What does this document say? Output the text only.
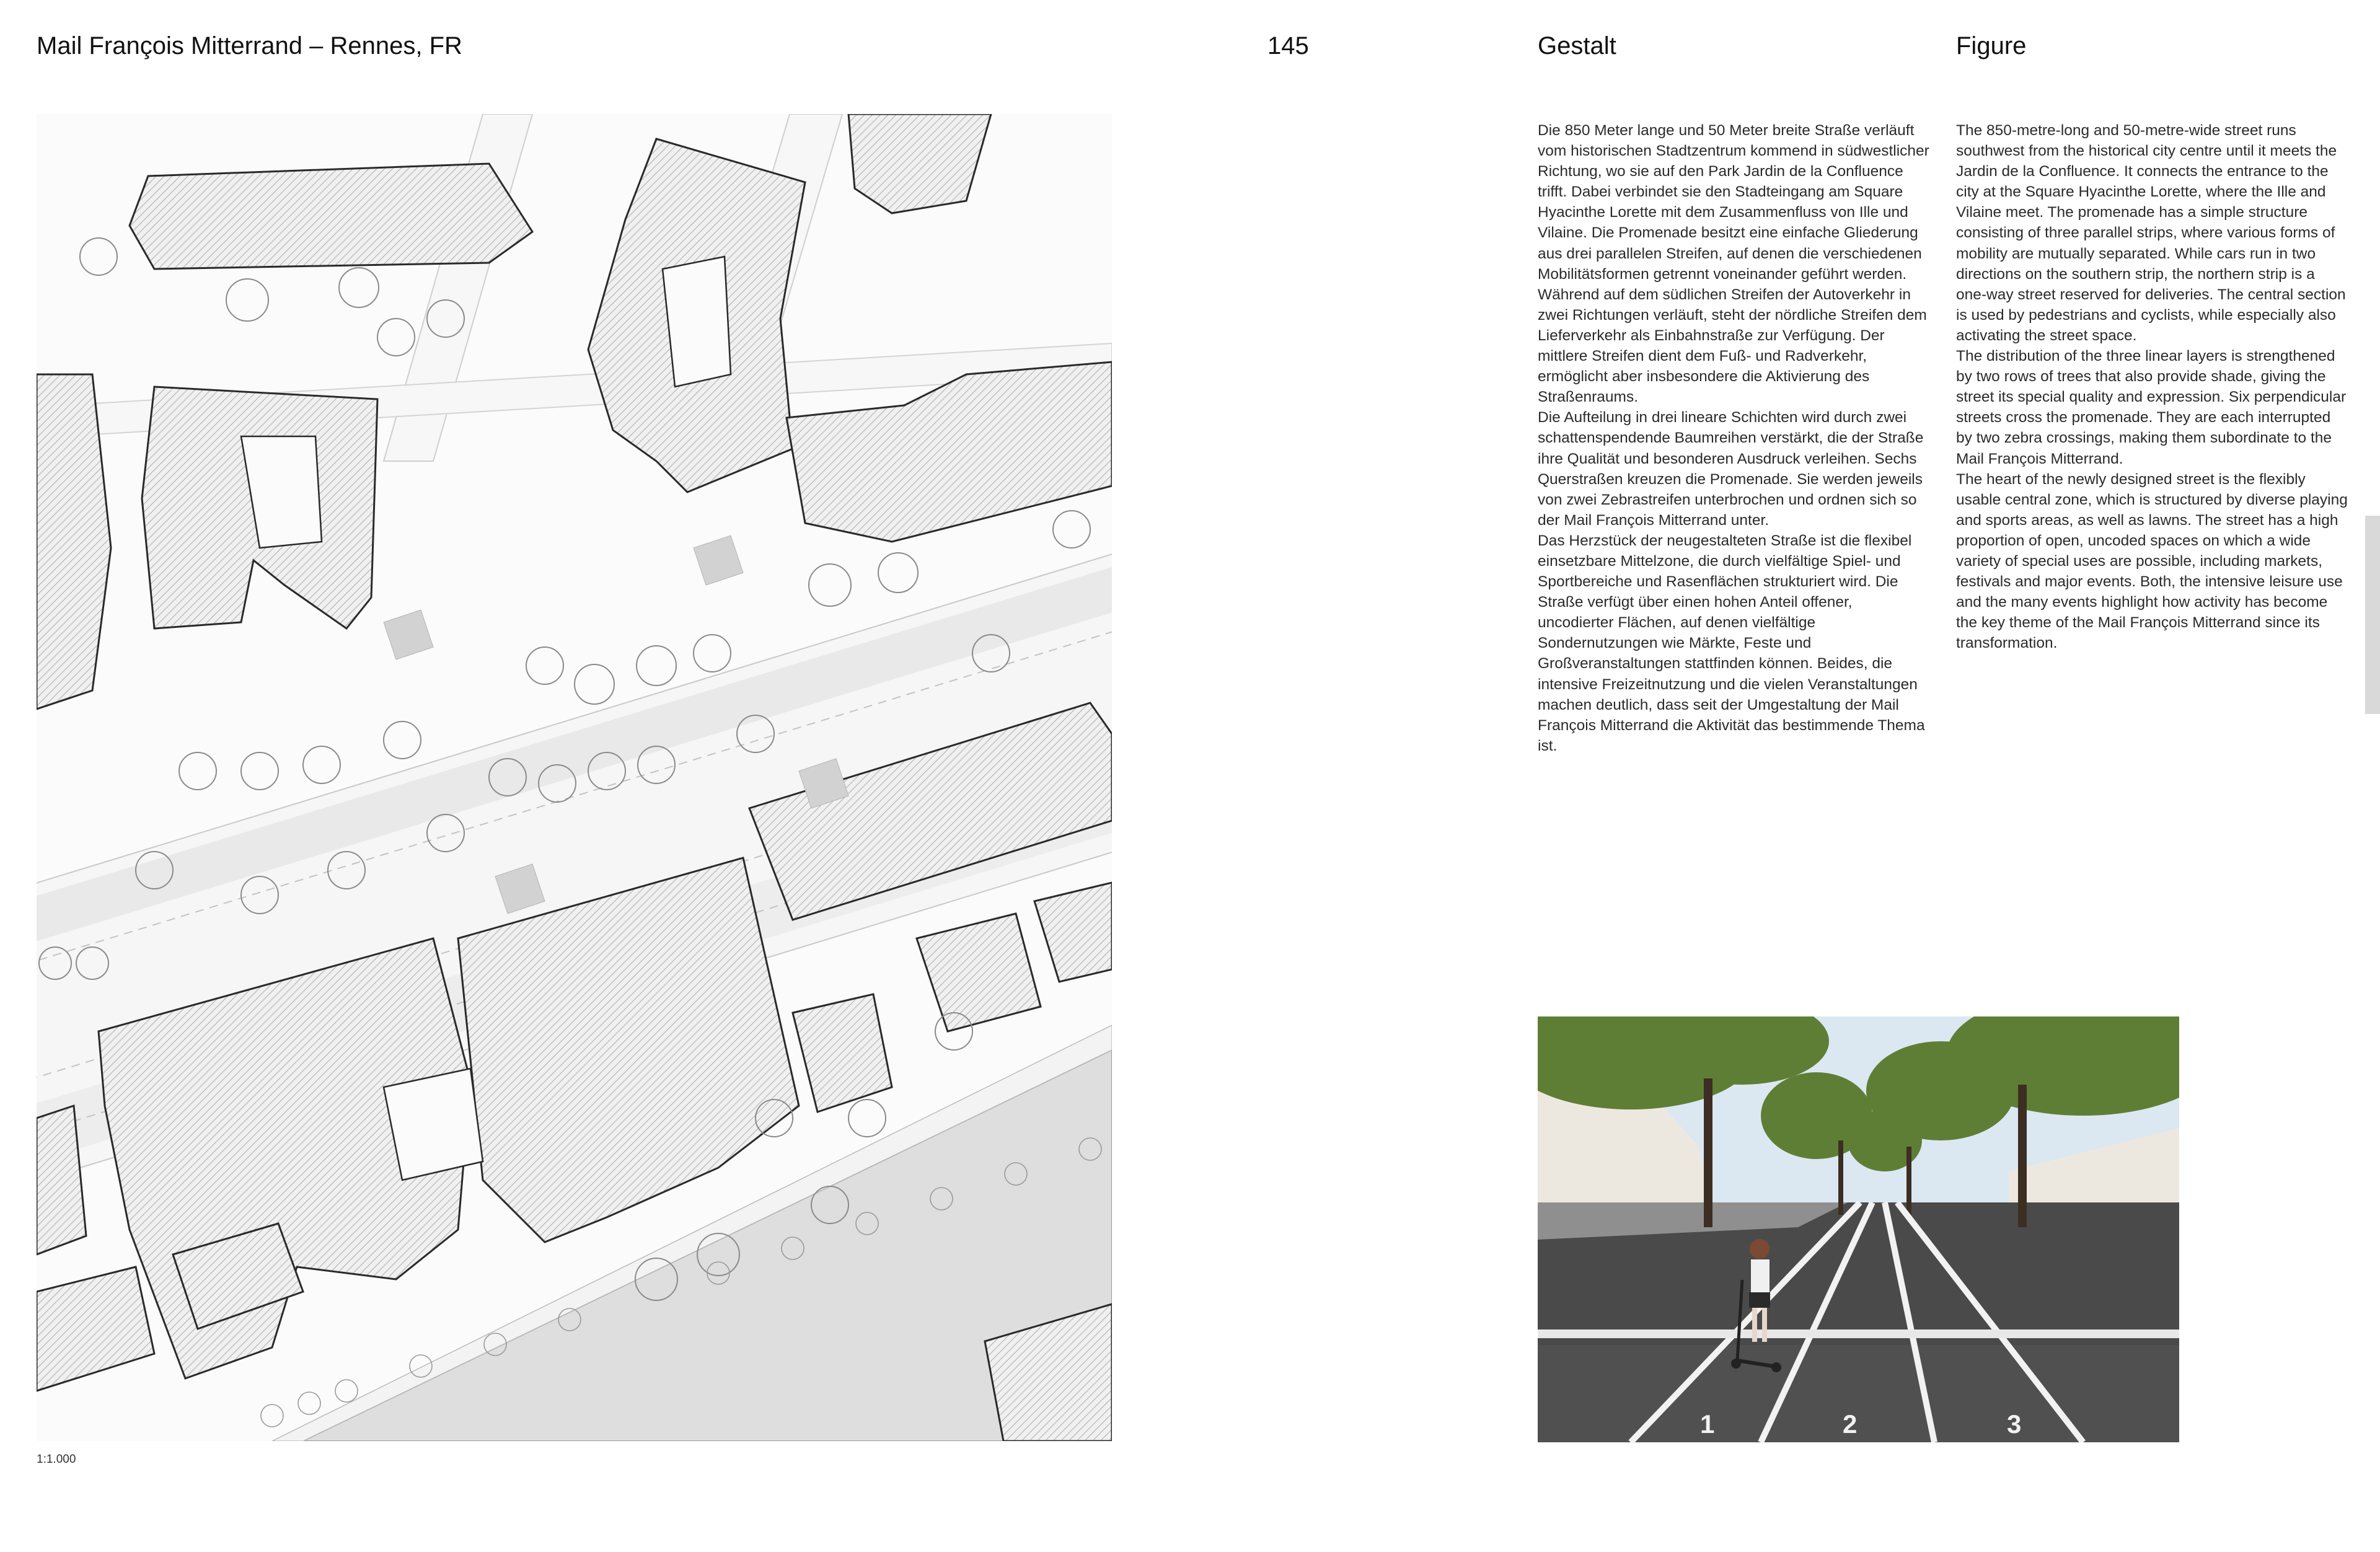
Mail François Mitterrand – Rennes, FR	145	Gestalt	Figure

Die 850 Meter lange und 50 Meter breite Straße verläuft vom historischen Stadtzentrum kommend in südwestlicher Richtung, wo sie auf den Park Jardin de la Confluence trifft. Dabei verbindet sie den Stadteingang am Square Hyacinthe Lorette mit dem Zusammenfluss von Ille und Vilaine. Die Promenade besitzt eine einfache Gliederung aus drei parallelen Streifen, auf denen die verschiedenen Mobilitätsformen getrennt voneinander geführt werden. Während auf dem südlichen Streifen der Autoverkehr in zwei Richtungen verläuft, steht der nördliche Streifen dem Lieferverkehr als Einbahnstraße zur Verfügung. Der mittlere Streifen dient dem Fuß- und Radverkehr, ermöglicht aber insbesondere die Aktivierung des Straßenraums.

Die Aufteilung in drei lineare Schichten wird durch zwei schattenspendende Baumreihen verstärkt, die der Straße ihre Qualität und besonderen Ausdruck verleihen. Sechs Querstraßen kreuzen die Promenade. Sie werden jeweils von zwei Zebrastreifen unterbrochen und ordnen sich so der Mail François Mitterrand unter.

Das Herzstück der neugestalteten Straße ist die flexibel einsetzbare Mittelzone, die durch vielfältige Spiel- und Sportbereiche und Rasenflächen strukturiert wird. Die Straße verfügt über einen hohen Anteil offener, uncodierter Flächen, auf denen vielfältige Sondernutzungen wie Märkte, Feste und Großveranstaltungen stattfinden können. Beides, die intensive Freizeitnutzung und die vielen Veranstaltungen machen deutlich, dass seit der Umgestaltung der Mail François Mitterrand die Aktivität das bestimmende Thema ist.

The 850-metre-long and 50-metre-wide street runs southwest from the historical city centre until it meets the Jardin de la Confluence. It connects the entrance to the city at the Square Hyacinthe Lorette, where the Ille and Vilaine meet. The promenade has a simple structure consisting of three parallel strips, where various forms of mobility are mutually separated. While cars run in two directions on the southern strip, the northern strip is a one-way street reserved for deliveries. The central section is used by pedestrians and cyclists, while especially also activating the street space.

The distribution of the three linear layers is strengthened by two rows of trees that also provide shade, giving the street its special quality and expression. Six perpendicular streets cross the promenade. They are each interrupted by two zebra crossings, making them subordinate to the Mail François Mitterrand.

The heart of the newly designed street is the flexibly usable central zone, which is structured by diverse playing and sports areas, as well as lawns. The street has a high proportion of open, uncoded spaces on which a wide variety of special uses are possible, including markets, festivals and major events. Both, the intensive leisure use and the many events highlight how activity has become the key theme of the Mail François Mitterrand since its transformation.

1:1.000
1	2	3
